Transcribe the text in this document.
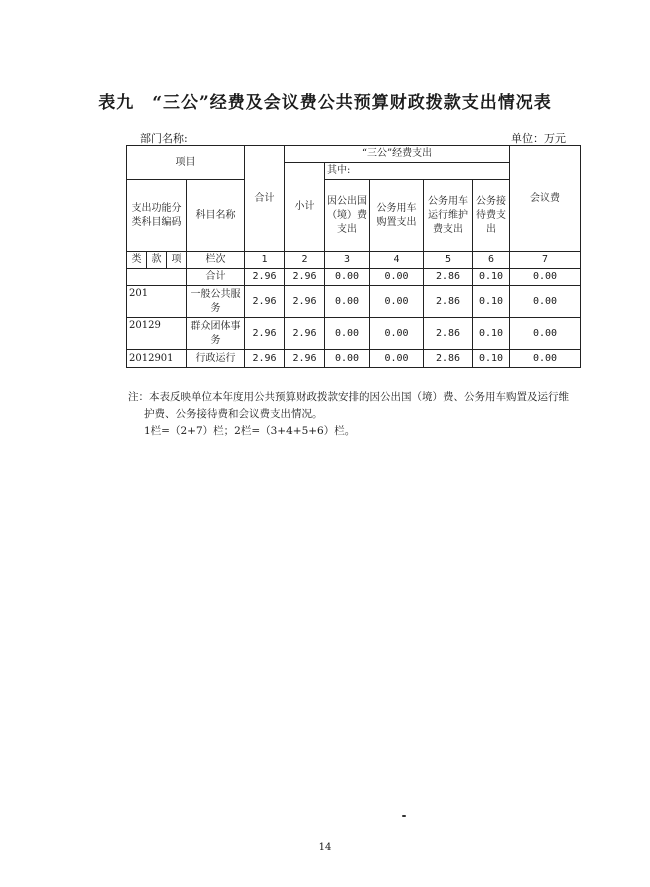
表九　“三公”经费及会议费公共预算财政拨款支出情况表
部门名称:	单位：万元
项目				合计	“三公”经费支出					会议费
					小计	其中:				
支出功能分类科目编码			科目名称			因公出国（境）费支出	公务用车购置支出	公务用车运行维护费支出	公务接待费支出	

类	款	项	栏次	1	2	3	4	5	6	7
			合计	2.96	2.96	0.00	0.00	2.86	0.10	0.00
201			一般公共服务	2.96	2.96	0.00	0.00	2.86	0.10	0.00
20129			群众团体事务	2.96	2.96	0.00	0.00	2.86	0.10	0.00
2012901			行政运行	2.96	2.96	0.00	0.00	2.86	0.10	0.00

注：本表反映单位本年度用公共预算财政拨款安排的因公出国（境）费、公务用车购置及运行维

护费、公务接待费和会议费支出情况。

1栏=（2+7）栏；2栏=（3+4+5+6）栏。

14
